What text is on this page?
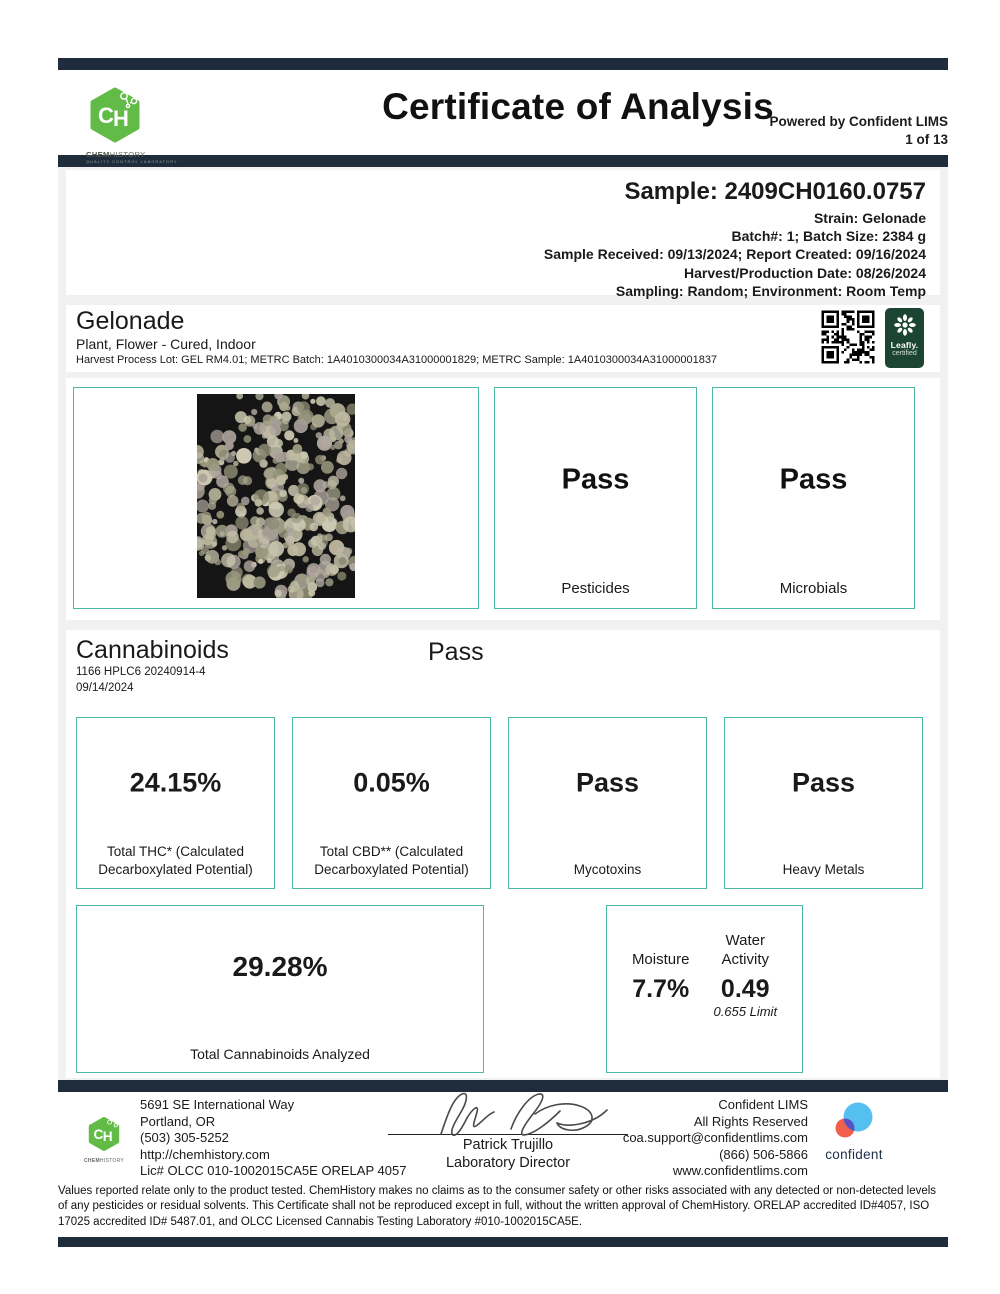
C H
CHEMHISTORY
QUALITY CONTROL LABORATORY
Certificate of Analysis
Powered by Confident LIMS
1 of 13
Sample: 2409CH0160.0757
Strain: Gelonade
Batch#: 1; Batch Size: 2384 g
Sample Received: 09/13/2024; Report Created: 09/16/2024
Harvest/Production Date: 08/26/2024
Sampling: Random; Environment: Room Temp
Gelonade
Plant, Flower - Cured, Indoor
Harvest Process Lot: GEL RM4.01; METRC Batch: 1A4010300034A31000001829; METRC Sample: 1A4010300034A31000001837
Leafly.
certified
Pass
Pesticides
Pass
Microbials
Cannabinoids	Pass
1166 HPLC6 20240914-4
09/14/2024
24.15%
Total THC* (Calculated Decarboxylated Potential)
0.05%
Total CBD** (Calculated Decarboxylated Potential)
Pass
Mycotoxins
Pass
Heavy Metals
29.28%
Total Cannabinoids Analyzed
Moisture
7.7%
Water Activity
0.49
0.655 Limit
C H
CHEMHISTORY
5691 SE International Way
Portland, OR
(503) 305-5252
http://chemhistory.com
Lic# OLCC 010-1002015CA5E ORELAP 4057
Patrick Trujillo
Laboratory Director
Confident LIMS
All Rights Reserved
coa.support@confidentlims.com
(866) 506-5866
www.confidentlims.com
confident
Values reported relate only to the product tested. ChemHistory makes no claims as to the consumer safety or other risks associated with any detected or non-detected levels of any pesticides or residual solvents. This Certificate shall not be reproduced except in full, without the written approval of ChemHistory. ORELAP accredited ID#4057, ISO 17025 accredited ID# 5487.01, and OLCC Licensed Cannabis Testing Laboratory #010-1002015CA5E.
